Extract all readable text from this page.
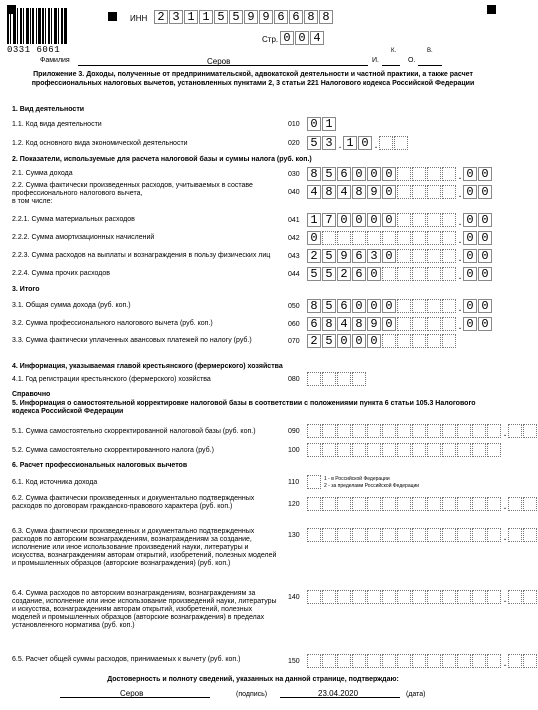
0331 6061
ИНН 2 3 1 1 5 5 9 9 6 6 8 8
Стр. 0 0 4
К.	В.
Фамилия	Серов	И.	О.
Приложение 3. Доходы, полученные от предпринимательской, адвокатской деятельности и частной практики, а также расчет профессиональных налоговых вычетов, установленных пунктами 2, 3 статьи 221 Налогового кодекса Российской Федерации
1. Вид деятельности
1.1. Код вида деятельности	010 0 1
1.2. Код основного вида экономической деятельности	020 5 3 . 1 0 .
2. Показатели, используемые для расчета налоговой базы и суммы налога (руб. коп.)
2.1. Сумма дохода	030 8 5 6 0 0 0	. 0 0
2.2. Сумма фактически произведенных расходов, учитываемых в составе профессионального налогового вычета,
в том числе:
040 4 8 4 8 9 0	. 0 0
2.2.1. Сумма материальных расходов	041 1 7 0 0 0 0	. 0 0
2.2.2. Сумма амортизационных начислений	042 0	. 0 0
2.2.3. Сумма расходов на выплаты и вознаграждения в пользу физических лиц	043 2 5 9 6 3 0	. 0 0
2.2.4. Сумма прочих расходов	044 5 5 2 6 0	. 0 0
3. Итого
3.1. Общая сумма дохода (руб. коп.)	050 8 5 6 0 0 0	. 0 0
3.2. Сумма профессионального налогового вычета (руб. коп.)	060 6 8 4 8 9 0	. 0 0
3.3. Сумма фактически уплаченных авансовых платежей по налогу (руб.)	070 2 5 0 0 0
4. Информация, указываемая главой крестьянского (фермерского) хозяйства
4.1. Год регистрации крестьянского (фермерского) хозяйства	080
Справочно
5. Информация о самостоятельной корректировке налоговой базы в соответствии с положениями пункта 6 статьи 105.3 Налогового кодекса Российской Федерации
5.1. Сумма самостоятельно скорректированной налоговой базы (руб. коп.)	090	.
5.2. Сумма самостоятельно скорректированного налога (руб.)	100
6. Расчет профессиональных налоговых вычетов
6.1. Код источника дохода	110	1 - в Российской Федерации
2 - за пределами Российской Федерации
6.2. Сумма фактически произведенных и документально подтвержденных расходов по договорам гражданско-правового характера (руб. коп.)	120	.
6.3. Сумма фактически произведенных и документально подтвержденных расходов по авторским вознаграждениям, вознаграждениям за создание, исполнение или иное использование произведений науки, литературы и искусства, вознаграждениям авторам открытий, изобретений, полезных моделей и промышленных образцов (авторские вознаграждения) (руб. коп.)
130	.
6.4. Сумма расходов по авторским вознаграждениям, вознаграждениям за создание, исполнение или иное использование произведений науки, литературы и искусства, вознаграждениям авторам открытий, изобретений, полезных моделей и промышленных образцов (авторские вознаграждения) в пределах установленного норматива (руб. коп.)
140	.
6.5. Расчет общей суммы расходов, принимаемых к вычету (руб. коп.)	150	.
Достоверность и полноту сведений, указанных на данной странице, подтверждаю:
Серов	(подпись)	23.04.2020	(дата)
